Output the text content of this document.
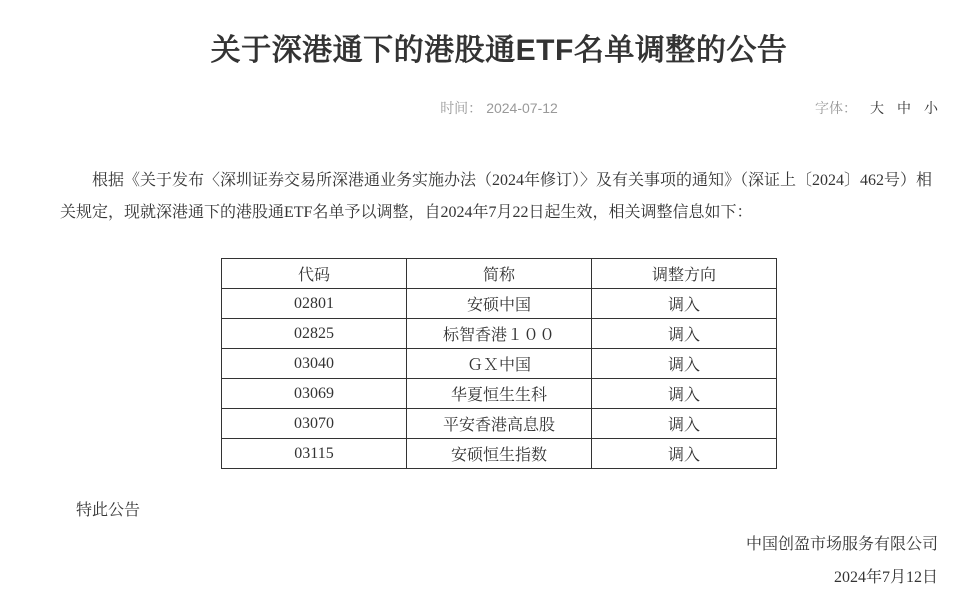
关于深港通下的港股通ETF名单调整的公告
时间： 2024-07-12	字体： 大 中 小

根据《关于发布〈深圳证券交易所深港通业务实施办法（2024年修订）〉及有关事项的通知》（深证上〔2024〕462号）相关规定，现就深港通下的港股通ETF名单予以调整，自2024年7月22日起生效，相关调整信息如下：

代码	简称	调整方向
02801	安硕中国	调入
02825	标智香港１００	调入
03040	ＧＸ中国	调入
03069	华夏恒生生科	调入
03070	平安香港高息股	调入
03115	安硕恒生指数	调入

特此公告

中国创盈市场服务有限公司

2024年7月12日
